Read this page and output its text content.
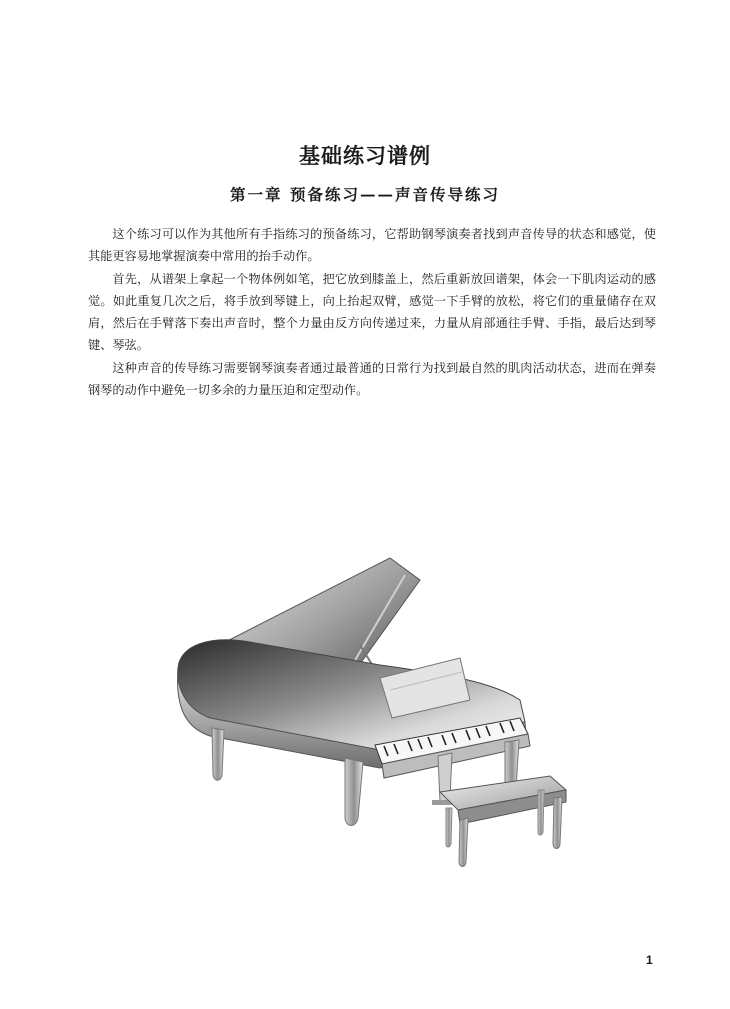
基础练习谱例
第一章 预备练习——声音传导练习

这个练习可以作为其他所有手指练习的预备练习，它帮助钢琴演奏者找到声音传导的状态和感觉，使其能更容易地掌握演奏中常用的抬手动作。

首先，从谱架上拿起一个物体例如笔，把它放到膝盖上，然后重新放回谱架，体会一下肌肉运动的感觉。如此重复几次之后，将手放到琴键上，向上抬起双臂，感觉一下手臂的放松，将它们的重量储存在双肩，然后在手臂落下奏出声音时，整个力量由反方向传递过来，力量从肩部通往手臂、手指，最后达到琴键、琴弦。

这种声音的传导练习需要钢琴演奏者通过最普通的日常行为找到最自然的肌肉活动状态，进而在弹奏钢琴的动作中避免一切多余的力量压迫和定型动作。

1
